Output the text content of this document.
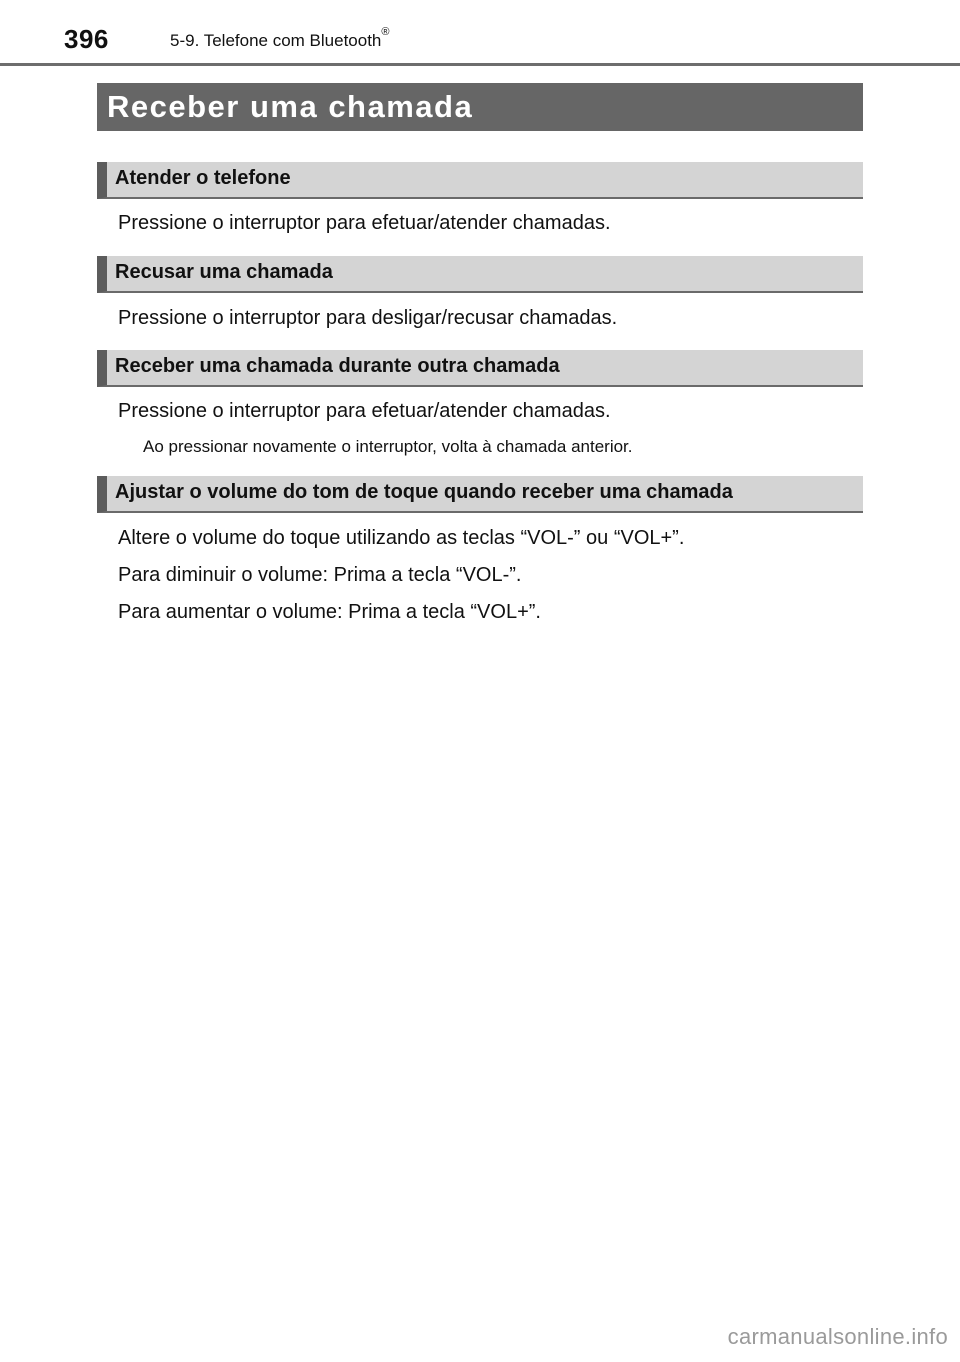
396	5-9. Telefone com Bluetooth®
Receber uma chamada
Atender o telefone
Pressione o interruptor para efetuar/atender chamadas.
Recusar uma chamada
Pressione o interruptor para desligar/recusar chamadas.
Receber uma chamada durante outra chamada
Pressione o interruptor para efetuar/atender chamadas.
Ao pressionar novamente o interruptor, volta à chamada anterior.
Ajustar o volume do tom de toque quando receber uma chamada
Altere o volume do toque utilizando as teclas “VOL-” ou “VOL+”.
Para diminuir o volume: Prima a tecla “VOL-”.
Para aumentar o volume: Prima a tecla “VOL+”.
carmanualsonline.info
